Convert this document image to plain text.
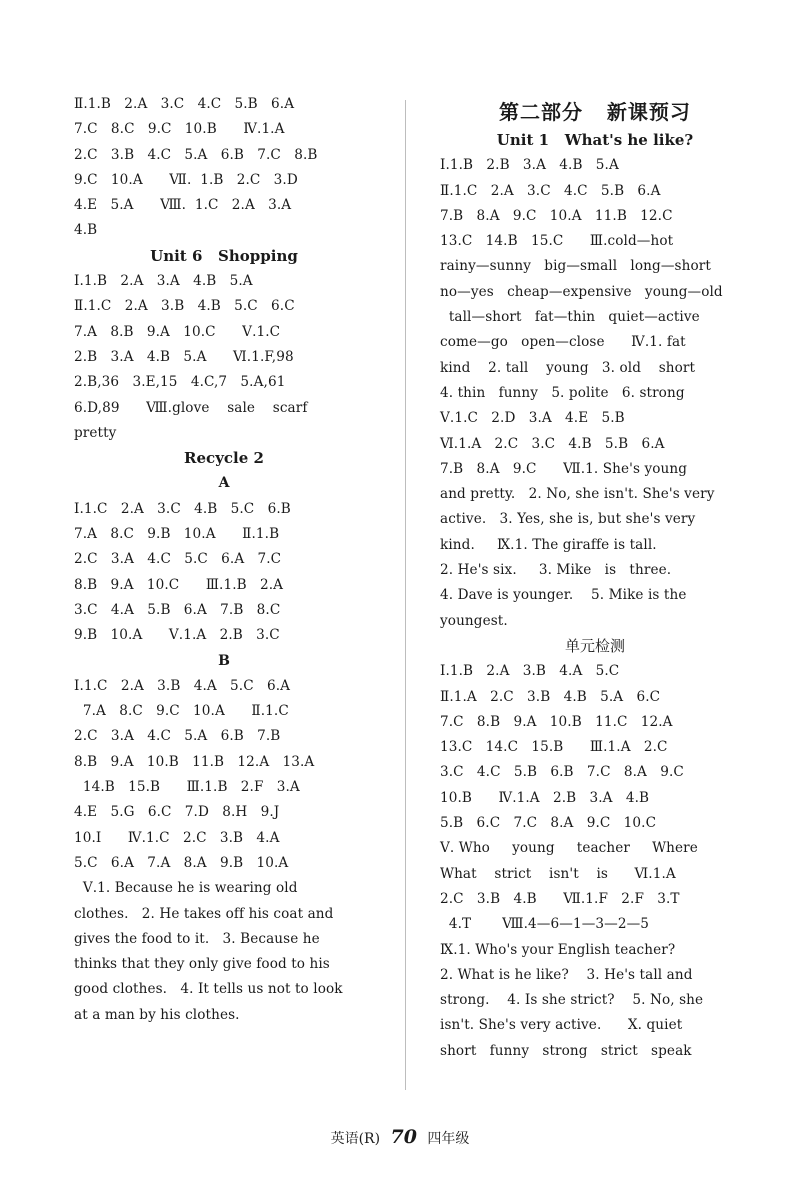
Ⅱ.1.B   2.A   3.C   4.C   5.B   6.A
7.C   8.C   9.C   10.B      Ⅳ.1.A
2.C   3.B   4.C   5.A   6.B   7.C   8.B
9.C   10.A      Ⅶ.  1.B   2.C   3.D
4.E   5.A      Ⅷ.  1.C   2.A   3.A
4.B
Unit 6   Shopping
Ⅰ.1.B   2.A   3.A   4.B   5.A
Ⅱ.1.C   2.A   3.B   4.B   5.C   6.C
7.A   8.B   9.A   10.C      Ⅴ.1.C
2.B   3.A   4.B   5.A      Ⅵ.1.F,98
2.B,36   3.E,15   4.C,7   5.A,61
6.D,89      Ⅷ.glove    sale    scarf
pretty
Recycle 2
A
Ⅰ.1.C   2.A   3.C   4.B   5.C   6.B
7.A   8.C   9.B   10.A      Ⅱ.1.B
2.C   3.A   4.C   5.C   6.A   7.C
8.B   9.A   10.C      Ⅲ.1.B   2.A
3.C   4.A   5.B   6.A   7.B   8.C
9.B   10.A      Ⅴ.1.A   2.B   3.C
B
Ⅰ.1.C   2.A   3.B   4.A   5.C   6.A
7.A   8.C   9.C   10.A      Ⅱ.1.C
2.C   3.A   4.C   5.A   6.B   7.B
8.B   9.A   10.B   11.B   12.A   13.A
14.B   15.B      Ⅲ.1.B   2.F   3.A
4.E   5.G   6.C   7.D   8.H   9.J
10.I      Ⅳ.1.C   2.C   3.B   4.A
5.C   6.A   7.A   8.A   9.B   10.A
Ⅴ.1. Because he is wearing old
clothes.   2. He takes off his coat and
gives the food to it.   3. Because he
thinks that they only give food to his
good clothes.   4. It tells us not to look
at a man by his clothes.
第二部分   新课预习
Unit 1   What's he like?
Ⅰ.1.B   2.B   3.A   4.B   5.A
Ⅱ.1.C   2.A   3.C   4.C   5.B   6.A
7.B   8.A   9.C   10.A   11.B   12.C
13.C   14.B   15.C      Ⅲ.cold—hot
rainy—sunny   big—small   long—short
no—yes   cheap—expensive   young—old
tall—short   fat—thin   quiet—active
come—go   open—close      Ⅳ.1. fat
kind    2. tall    young   3. old    short
4. thin   funny   5. polite   6. strong
Ⅴ.1.C   2.D   3.A   4.E   5.B
Ⅵ.1.A   2.C   3.C   4.B   5.B   6.A
7.B   8.A   9.C      Ⅶ.1. She's young
and pretty.   2. No, she isn't. She's very
active.   3. Yes, she is, but she's very
kind.     Ⅸ.1. The giraffe is tall.
2. He's six.     3. Mike   is   three.
4. Dave is younger.    5. Mike is the
youngest.
单元检测
Ⅰ.1.B   2.A   3.B   4.A   5.C
Ⅱ.1.A   2.C   3.B   4.B   5.A   6.C
7.C   8.B   9.A   10.B   11.C   12.A
13.C   14.C   15.B      Ⅲ.1.A   2.C
3.C   4.C   5.B   6.B   7.C   8.A   9.C
10.B      Ⅳ.1.A   2.B   3.A   4.B
5.B   6.C   7.C   8.A   9.C   10.C
Ⅴ. Who     young     teacher     Where
What    strict    isn't    is      Ⅵ.1.A
2.C   3.B   4.B      Ⅶ.1.F   2.F   3.T
4.T       Ⅷ.4—6—1—3—2—5
Ⅸ.1. Who's your English teacher?
2. What is he like?    3. He's tall and
strong.    4. Is she strict?    5. No, she
isn't. She's very active.      Ⅹ. quiet
short   funny   strong   strict   speak
英语(R) 70 四年级
